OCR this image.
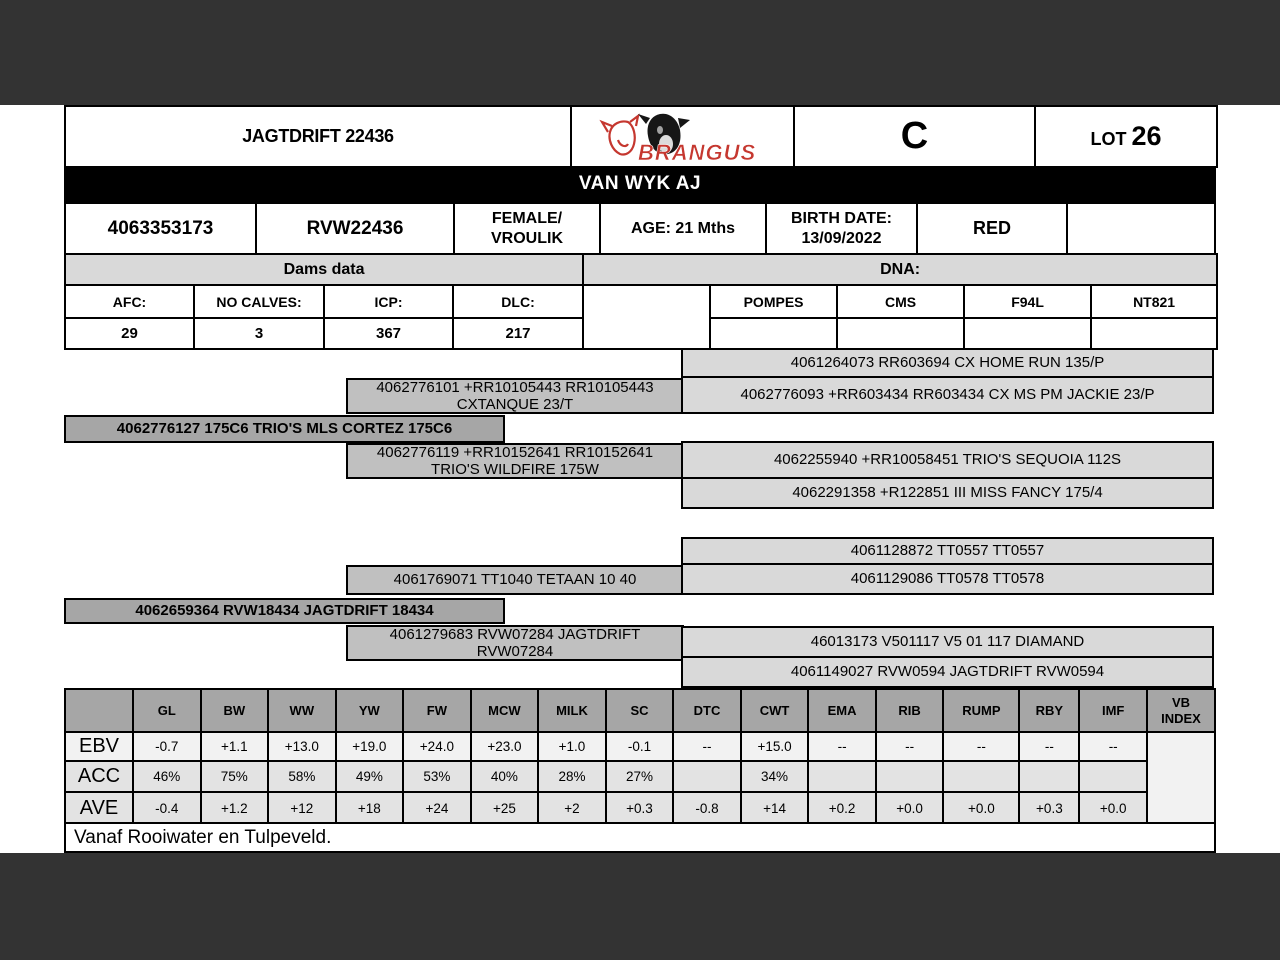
JAGTDRIFT 22436	
BRANGUS	C	LOT 26
VAN WYK AJ
4063353173	RVW22436	FEMALE/
VROULIK
	AGE: 21 Mths	
BIRTH DATE:
13/09/2022	RED	
Dams data				DNA:				
AFC:	NO CALVES:	ICP:	DLC:		POMPES	CMS	F94L	NT821
29	3	367	217					
4061264073 RR603694 CX HOME RUN 135/P
4062776101 +RR10105443 RR10105443
CXTANQUE 23/T
4062776093 +RR603434 RR603434 CX MS PM JACKIE 23/P
4062776127 175C6 TRIO'S MLS CORTEZ 175C6
4062776119 +RR10152641 RR10152641
TRIO'S WILDFIRE 175W
4062255940 +RR10058451 TRIO'S SEQUOIA 112S
4062291358 +R122851 III MISS FANCY 175/4
4061128872 TT0557 TT0557
4061769071 TT1040 TETAAN 10 40	4061129086 TT0578 TT0578
4062659364 RVW18434 JAGTDRIFT 18434
4061279683 RVW07284 JAGTDRIFT
RVW07284
46013173 V501117 V5 01 117 DIAMAND
4061149027 RVW0594 JAGTDRIFT RVW0594
	GL	BW	WW	YW	FW	MCW	MILK	SC	DTC	CWT	EMA	RIB	RUMP	RBY	IMF	VB
INDEX

EBV	-0.7	+1.1	+13.0	+19.0	+24.0	+23.0	+1.0	-0.1	--	+15.0	--	--	--	--	--	
ACC	46%	75%	58%	49%	53%	40%	28%	27%		34%						
AVE	-0.4	+1.2	+12	+18	+24	+25	+2	+0.3	-0.8	+14	+0.2	+0.0	+0.0	+0.3	+0.0	
Vanaf Rooiwater en Tulpeveld.
